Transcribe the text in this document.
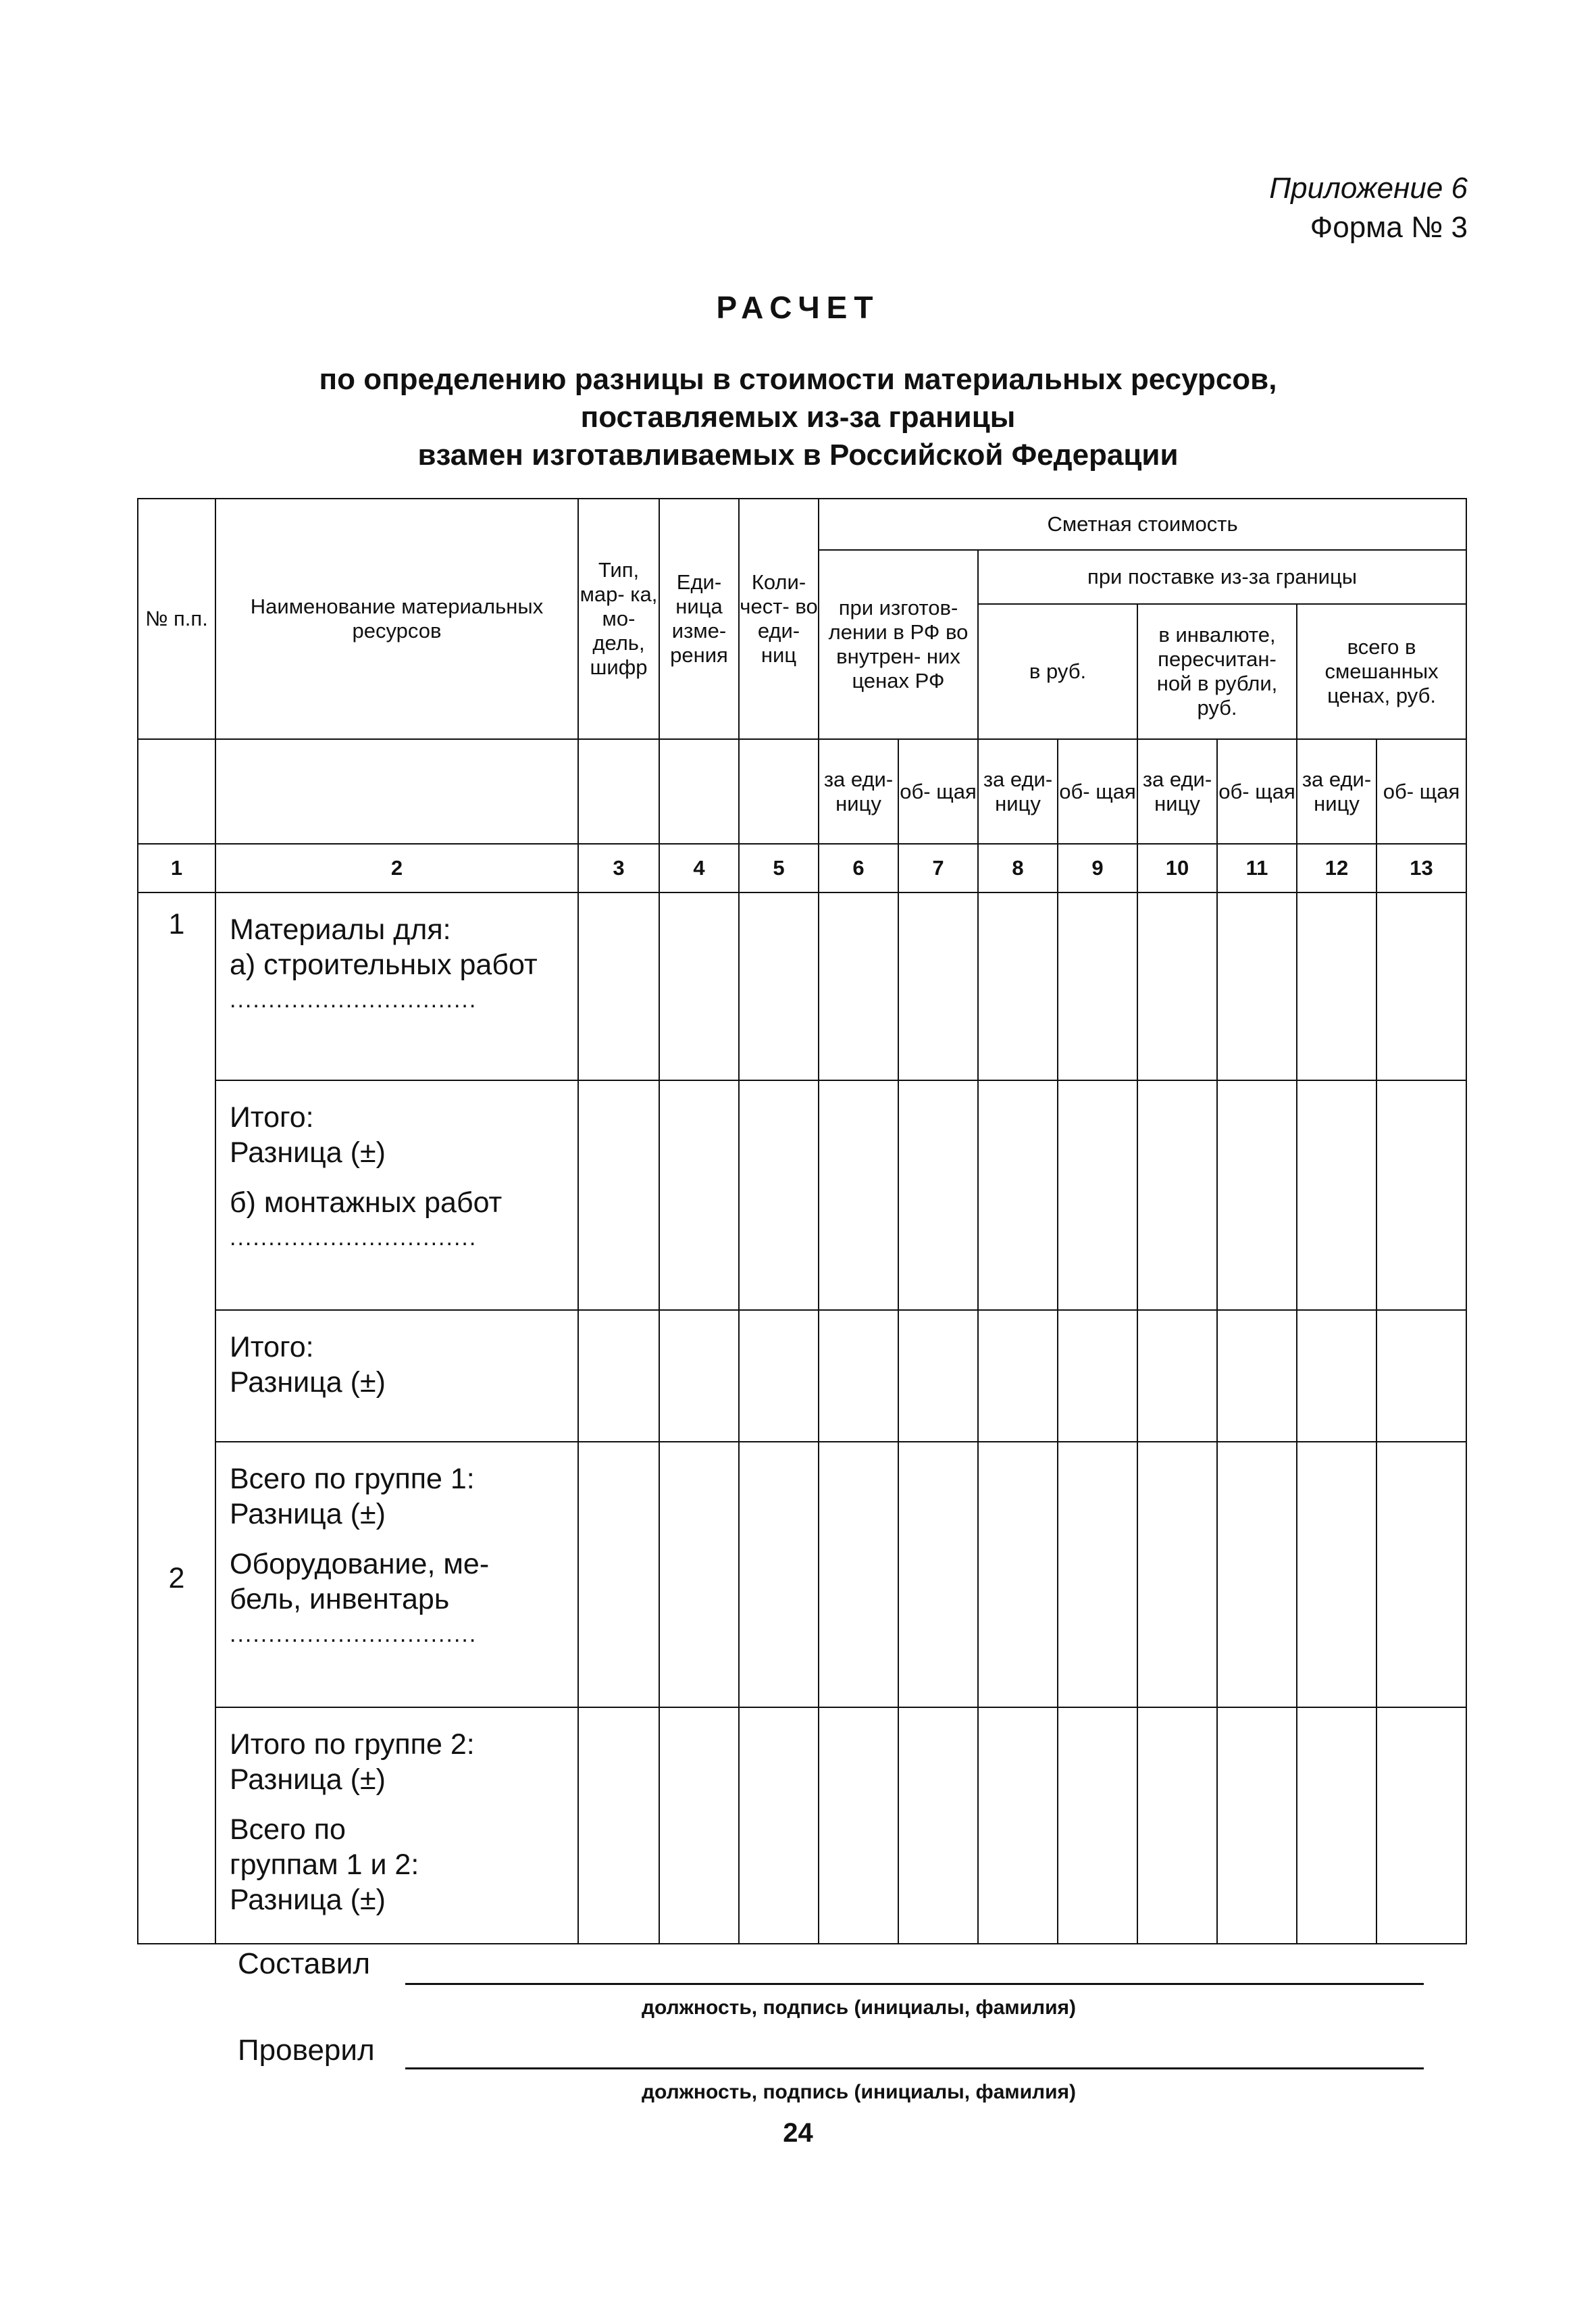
Приложение 6
Форма № 3
РАСЧЕТ
по определению разницы в стоимости материальных ресурсов,
поставляемых из-за границы
взамен изготавливаемых в Российской Федерации
№ п.п.	Наименование материальных ресурсов	Тип, мар- ка, мо- дель, шифр	Еди- ница изме- рения	Коли- чест- во еди- ниц	Сметная стоимость							
					при изготов- лении в РФ во внутрен- них ценах РФ		при поставке из-за границы					
							в руб.		в инвалюте, пересчитан- ной в рубли, руб.		всего в смешанных ценах, руб.	
					за еди- ницу	об- щая	за еди- ницу	об- щая	за еди- ницу	об- щая	за еди- ницу	об- щая
1	2	3	4	5	6	7	8	9	10	11	12	13
1	Материалы для:
а) строительных работ
................................											

	Итого:
Разница (±)
б) монтажных работ
................................											

	Итого:
Разница (±)											

2	Всего по группе 1:
Разница (±)
Оборудование, ме-
бель, инвентарь
................................											

	Итого по группе 2:
Разница (±)
Всего по
группам 1 и 2:
Разница (±)											

Составил
должность, подпись (инициалы, фамилия)
Проверил
должность, подпись (инициалы, фамилия)
24
